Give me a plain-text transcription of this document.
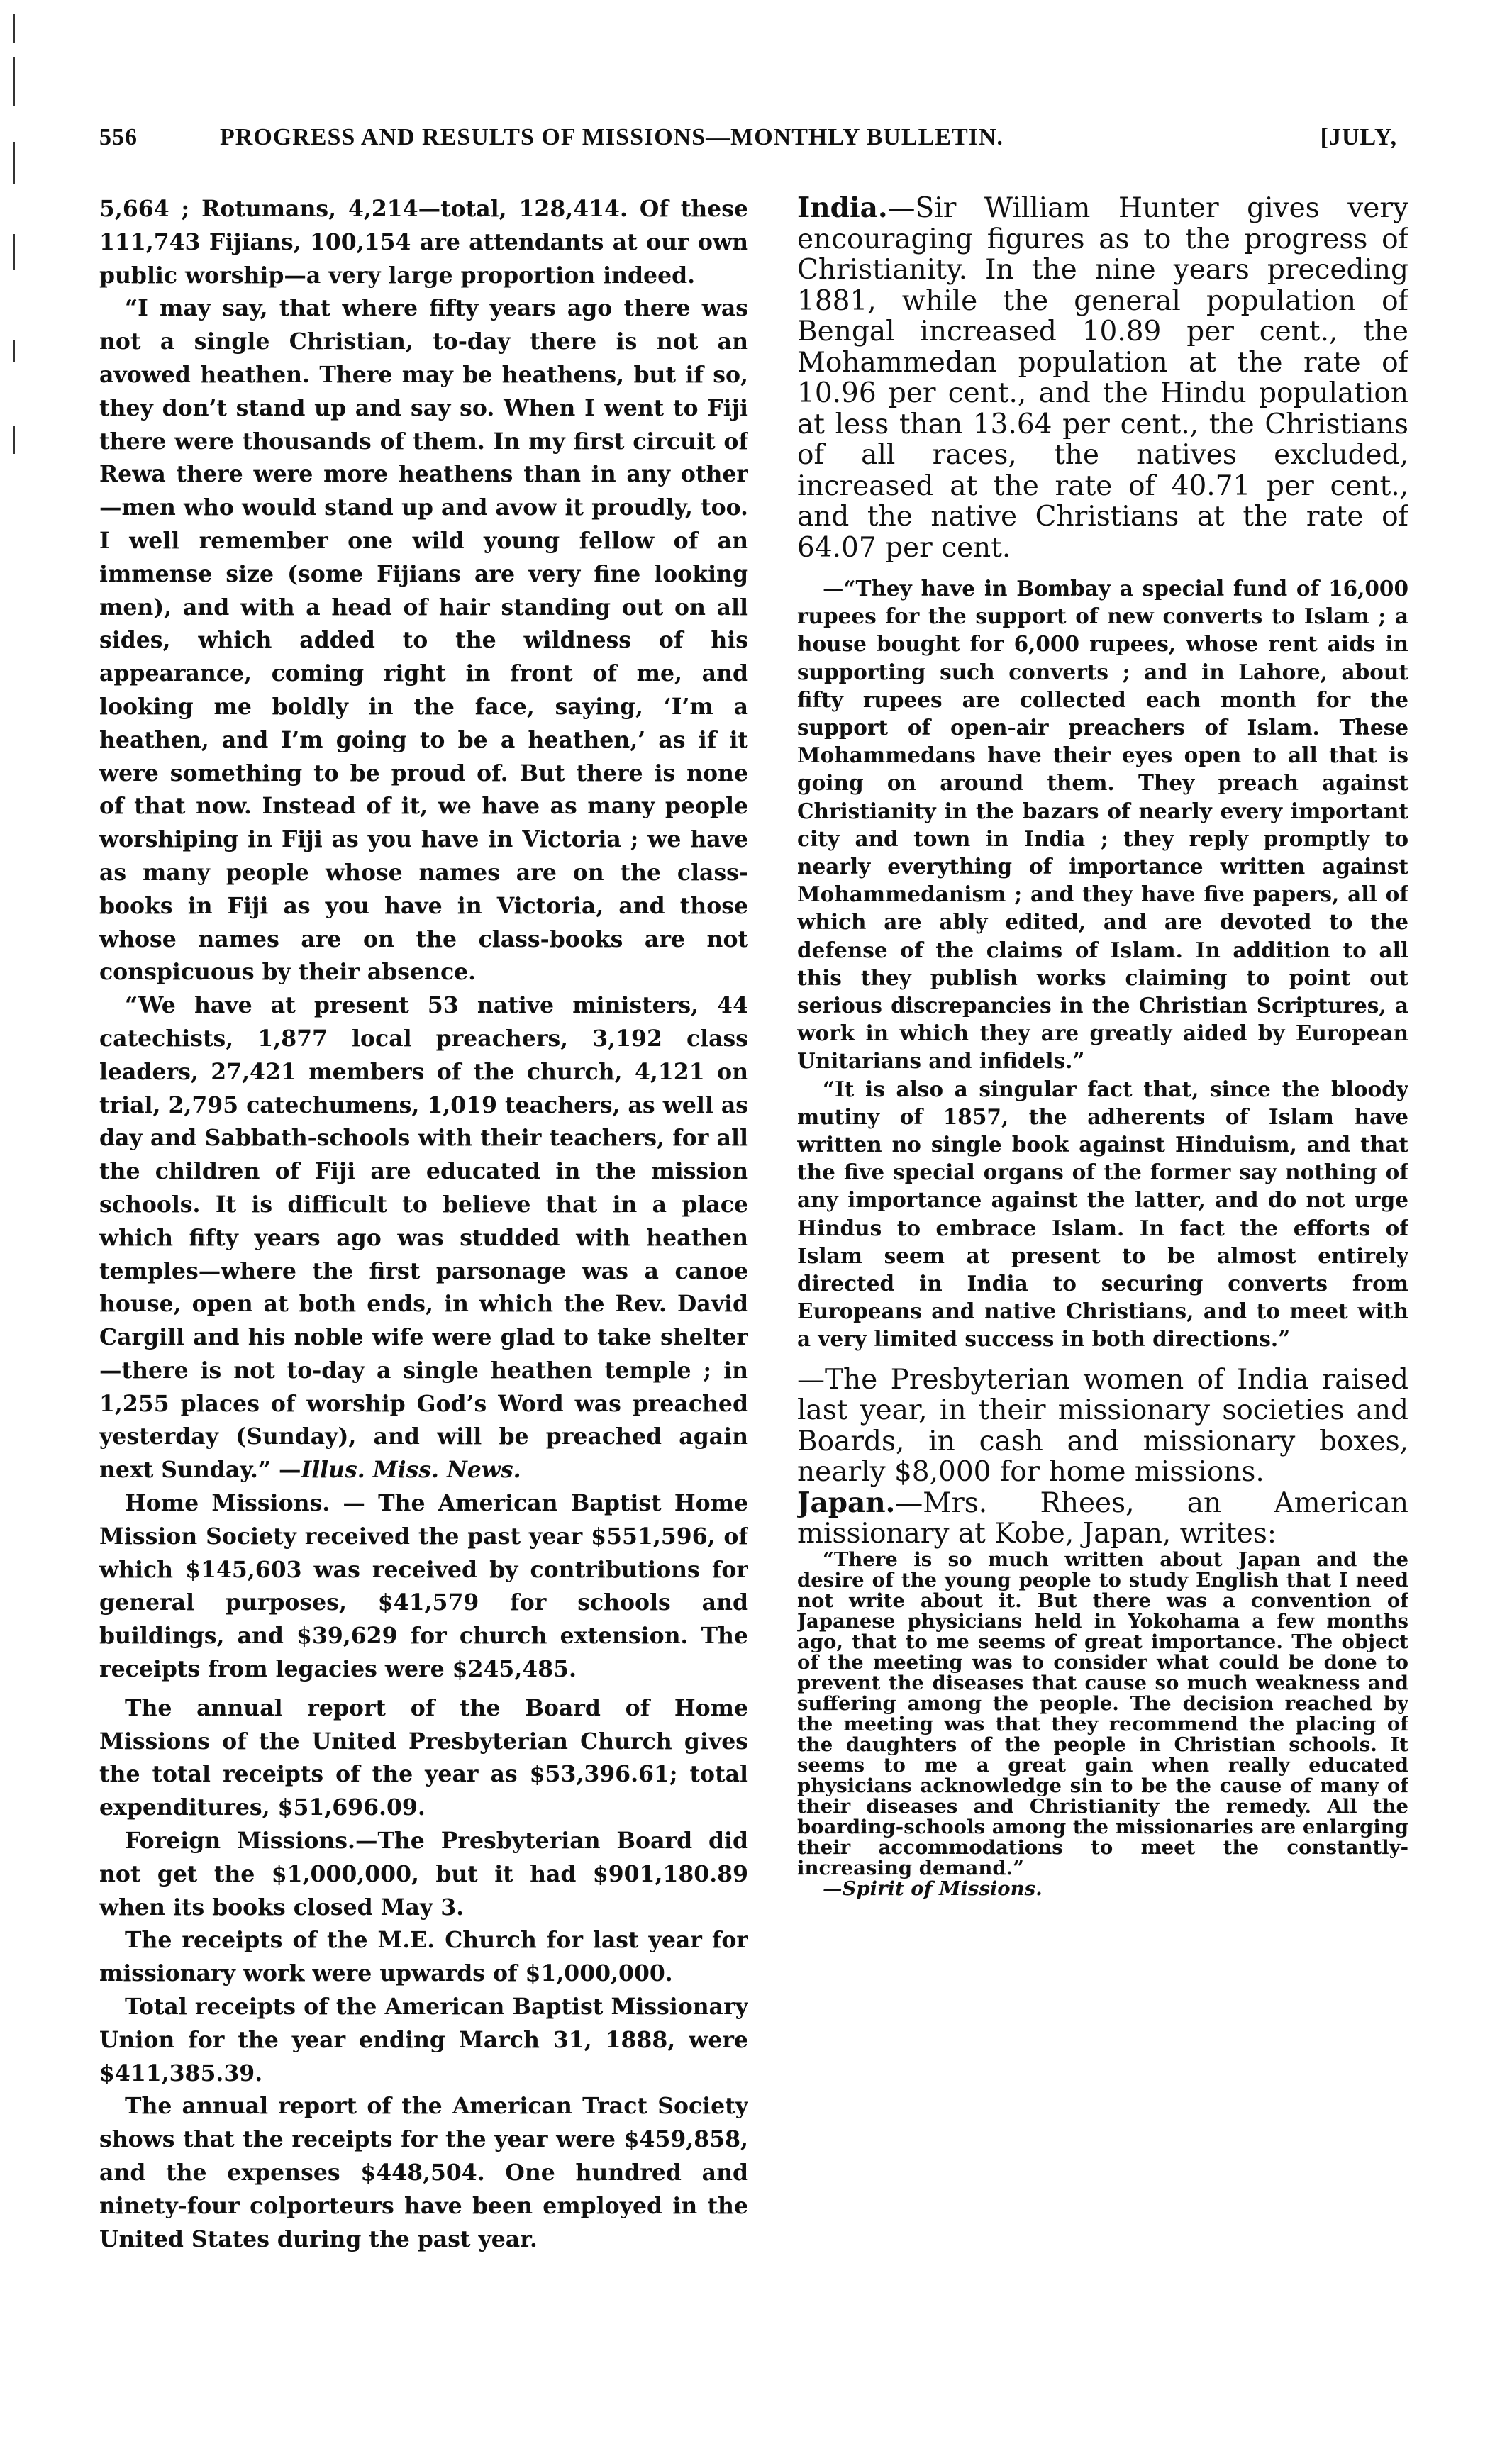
556	PROGRESS AND RESULTS OF MISSIONS—MONTHLY BULLETIN.	[JULY,

5,664 ; Rotumans, 4,214—total, 128,414. Of these 111,743 Fijians, 100,154 are attendants at our own public worship—a very large proportion indeed.

“I may say, that where fifty years ago there was not a single Christian, to-day there is not an avowed heathen. There may be heathens, but if so, they don’t stand up and say so. When I went to Fiji there were thousands of them. In my first circuit of Rewa there were more heathens than in any other—men who would stand up and avow it proudly, too. I well remember one wild young fellow of an immense size (some Fijians are very fine looking men), and with a head of hair standing out on all sides, which added to the wildness of his appearance, coming right in front of me, and looking me boldly in the face, saying, ‘I’m a heathen, and I’m going to be a heathen,’ as if it were something to be proud of. But there is none of that now. Instead of it, we have as many people worshiping in Fiji as you have in Victoria ; we have as many people whose names are on the class-books in Fiji as you have in Victoria, and those whose names are on the class-books are not conspicuous by their absence.

“We have at present 53 native ministers, 44 catechists, 1,877 local preachers, 3,192 class leaders, 27,421 members of the church, 4,121 on trial, 2,795 catechumens, 1,019 teachers, as well as day and Sabbath-schools with their teachers, for all the children of Fiji are educated in the mission schools. It is difficult to believe that in a place which fifty years ago was studded with heathen temples—where the first parsonage was a canoe house, open at both ends, in which the Rev. David Cargill and his noble wife were glad to take shelter—there is not to-day a single heathen temple ; in 1,255 places of worship God’s Word was preached yesterday (Sunday), and will be preached again next Sunday.” —Illus. Miss. News.

Home Missions. — The American Baptist Home Mission Society received the past year $551,596, of which $145,603 was received by contributions for general purposes, $41,579 for schools and buildings, and $39,629 for church extension. The receipts from legacies were $245,485.

The annual report of the Board of Home Missions of the United Presbyterian Church gives the total receipts of the year as $53,396.61; total expenditures, $51,696.09.

Foreign Missions.—The Presbyterian Board did not get the $1,000,000, but it had $901,180.89 when its books closed May 3.

The receipts of the M.E. Church for last year for missionary work were upwards of $1,000,000.

Total receipts of the American Baptist Missionary Union for the year ending March 31, 1888, were $411,385.39.

The annual report of the American Tract Society shows that the receipts for the year were $459,858, and the expenses $448,504. One hundred and ninety-four colporteurs have been employed in the United States during the past year.

India.—Sir William Hunter gives very encouraging figures as to the progress of Christianity. In the nine years preceding 1881, while the general population of Bengal increased 10.89 per cent., the Mohammedan population at the rate of 10.96 per cent., and the Hindu population at less than 13.64 per cent., the Christians of all races, the natives excluded, increased at the rate of 40.71 per cent., and the native Christians at the rate of 64.07 per cent.

—“They have in Bombay a special fund of 16,000 rupees for the support of new converts to Islam ; a house bought for 6,000 rupees, whose rent aids in supporting such converts ; and in Lahore, about fifty rupees are collected each month for the support of open-air preachers of Islam. These Mohammedans have their eyes open to all that is going on around them. They preach against Christianity in the bazars of nearly every important city and town in India ; they reply promptly to nearly everything of importance written against Mohammedanism ; and they have five papers, all of which are ably edited, and are devoted to the defense of the claims of Islam. In addition to all this they publish works claiming to point out serious discrepancies in the Christian Scriptures, a work in which they are greatly aided by European Unitarians and infidels.”

“It is also a singular fact that, since the bloody mutiny of 1857, the adherents of Islam have written no single book against Hinduism, and that the five special organs of the former say nothing of any importance against the latter, and do not urge Hindus to embrace Islam. In fact the efforts of Islam seem at present to be almost entirely directed in India to securing converts from Europeans and native Christians, and to meet with a very limited success in both directions.”

—The Presbyterian women of India raised last year, in their missionary societies and Boards, in cash and missionary boxes, nearly $8,000 for home missions.

Japan.—Mrs. Rhees, an American missionary at Kobe, Japan, writes:

“There is so much written about Japan and the desire of the young people to study English that I need not write about it. But there was a convention of Japanese physicians held in Yokohama a few months ago, that to me seems of great importance. The object of the meeting was to consider what could be done to prevent the diseases that cause so much weakness and suffering among the people. The decision reached by the meeting was that they recommend the placing of the daughters of the people in Christian schools. It seems to me a great gain when really educated physicians acknowledge sin to be the cause of many of their diseases and Christianity the remedy. All the boarding-schools among the missionaries are enlarging their accommodations to meet the constantly-increasing demand.”

—Spirit of Missions.
